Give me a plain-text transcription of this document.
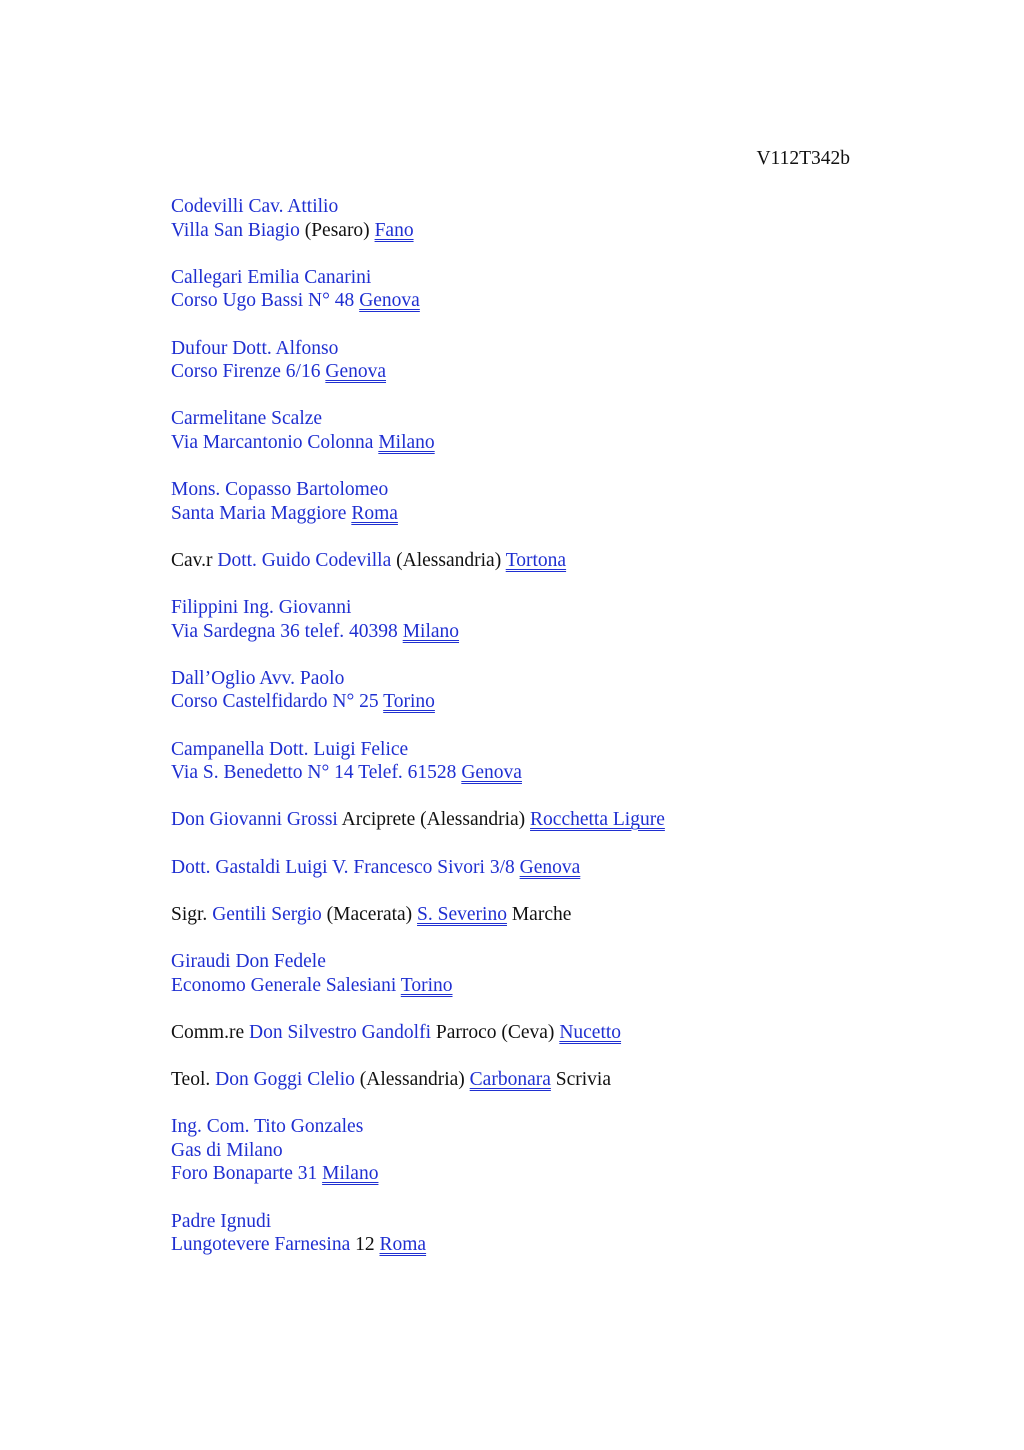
V112T342b
Codevilli Cav. Attilio
Villa San Biagio (Pesaro) Fano
Callegari Emilia Canarini
Corso Ugo Bassi N° 48 Genova
Dufour Dott. Alfonso
Corso Firenze 6/16 Genova
Carmelitane Scalze
Via Marcantonio Colonna Milano
Mons. Copasso Bartolomeo
Santa Maria Maggiore Roma
Cav.r Dott. Guido Codevilla (Alessandria) Tortona
Filippini Ing. Giovanni
Via Sardegna 36 telef. 40398 Milano
Dall’Oglio Avv. Paolo
Corso Castelfidardo N° 25 Torino
Campanella Dott. Luigi Felice
Via S. Benedetto N° 14 Telef. 61528 Genova
Don Giovanni Grossi Arciprete (Alessandria) Rocchetta Ligure
Dott. Gastaldi Luigi V. Francesco Sivori 3/8 Genova
Sigr. Gentili Sergio (Macerata) S. Severino Marche
Giraudi Don Fedele
Economo Generale Salesiani Torino
Comm.re Don Silvestro Gandolfi Parroco (Ceva) Nucetto
Teol. Don Goggi Clelio (Alessandria) Carbonara Scrivia
Ing. Com. Tito Gonzales
Gas di Milano
Foro Bonaparte 31 Milano
Padre Ignudi
Lungotevere Farnesina 12 Roma
